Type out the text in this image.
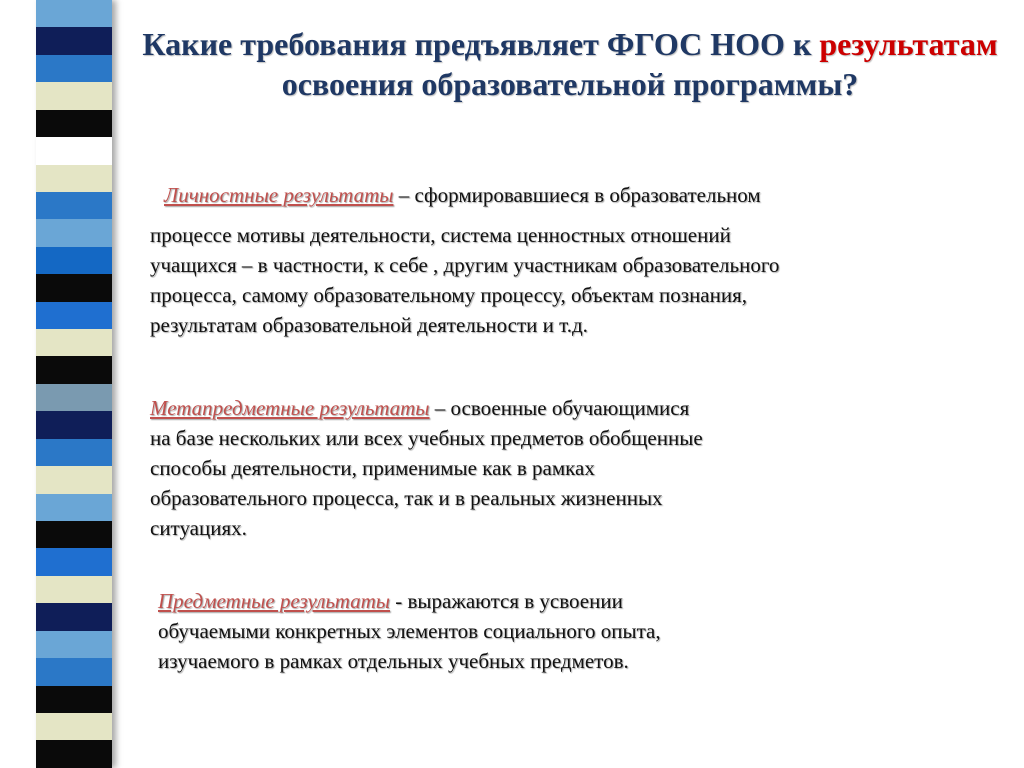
Какие требования предъявляет ФГОС НОО к результатам освоения образовательной программы?
Личностные результаты – сформировавшиеся в образовательном
процессе мотивы деятельности, система ценностных отношений
учащихся – в частности, к себе , другим участникам образовательного
процесса, самому образовательному процессу, объектам познания,
результатам образовательной деятельности и т.д.
Метапредметные результаты – освоенные обучающимися
на базе нескольких или всех учебных предметов обобщенные
способы деятельности, применимые как в рамках
образовательного процесса, так и в реальных жизненных
ситуациях.
Предметные результаты - выражаются в усвоении
обучаемыми конкретных элементов социального опыта,
изучаемого в рамках отдельных учебных предметов.
